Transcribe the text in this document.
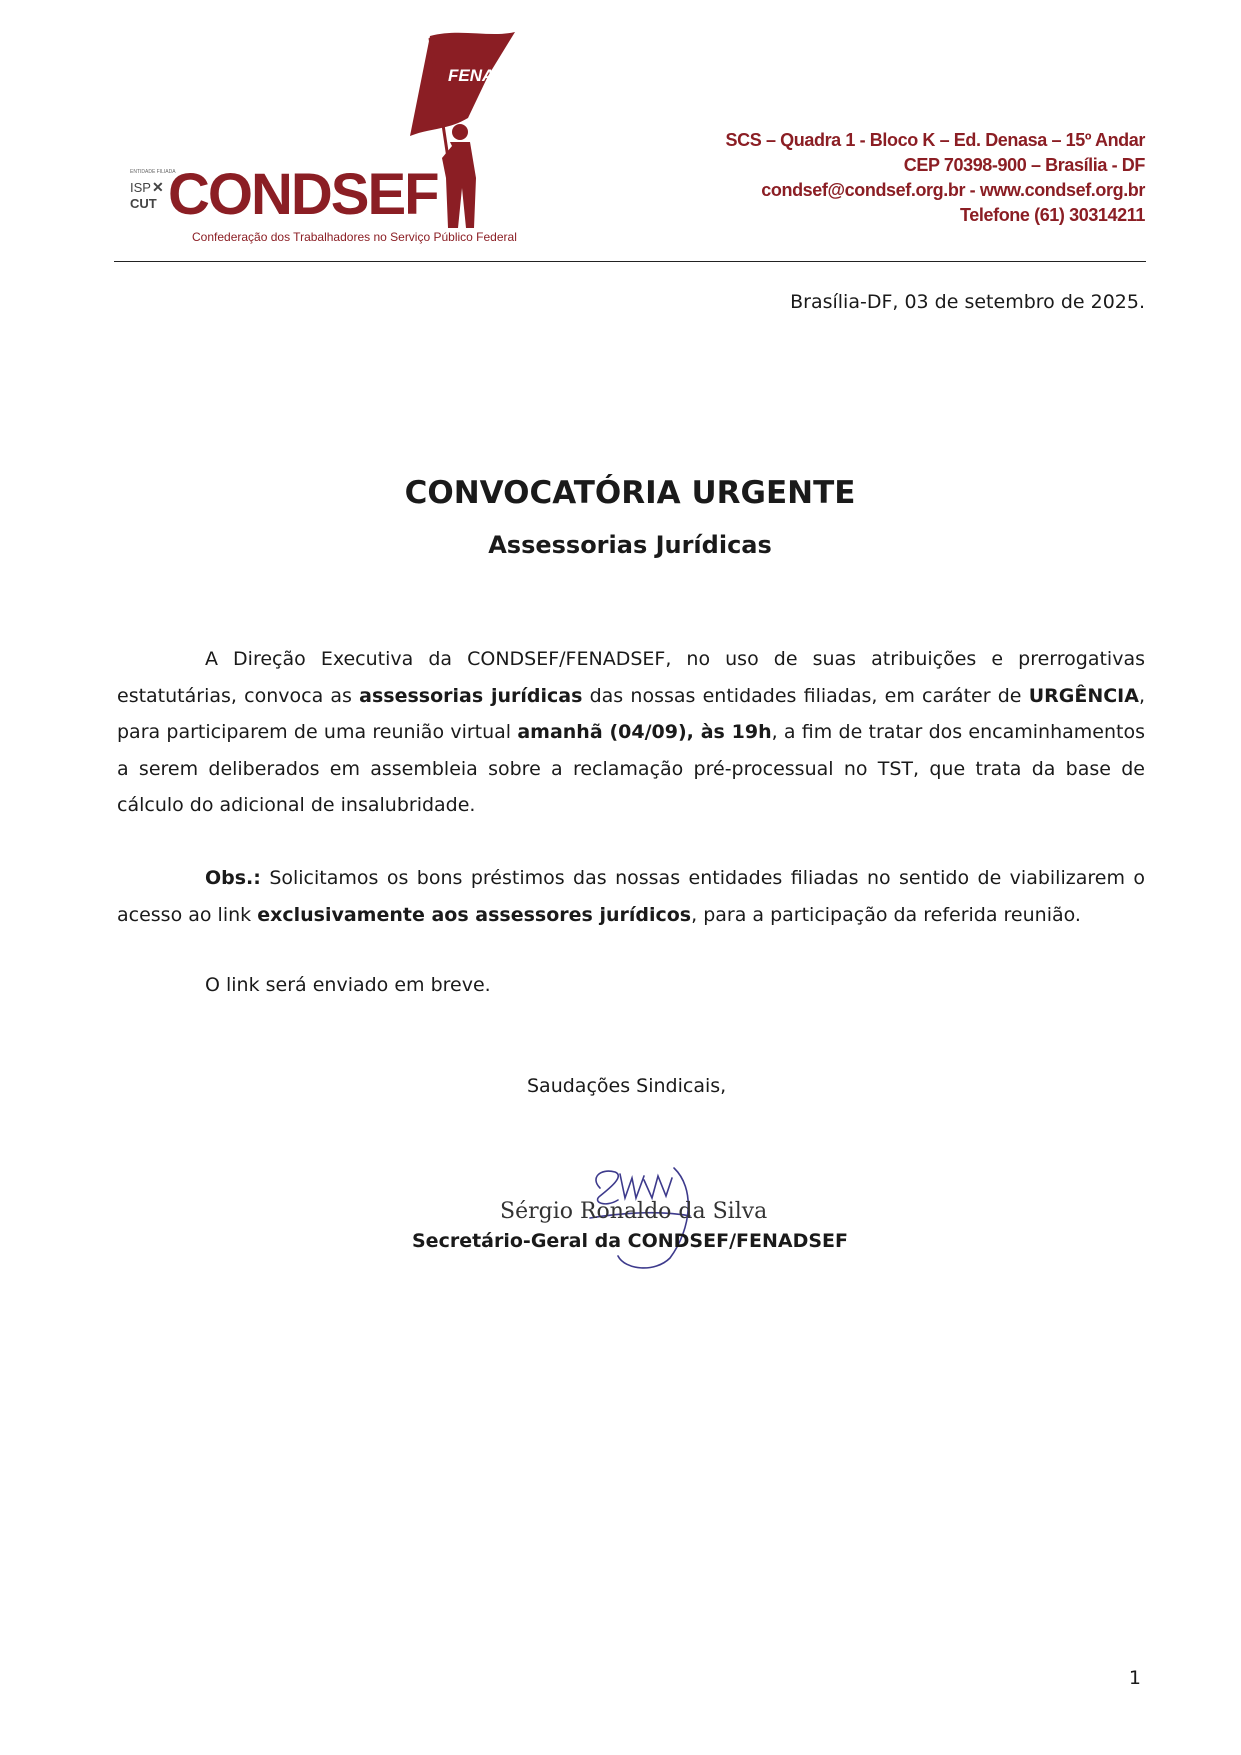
FENADSEF
ENTIDADE FILIADA
ISP ✕
CUT CONDSEF
Confederação dos Trabalhadores no Serviço Público Federal
SCS – Quadra 1 - Bloco K – Ed. Denasa – 15º Andar
CEP 70398-900 – Brasília - DF
condsef@condsef.org.br - www.condsef.org.br
Telefone (61) 30314211
Brasília-DF, 03 de setembro de 2025.
CONVOCATÓRIA URGENTE
Assessorias Jurídicas

A Direção Executiva da CONDSEF/FENADSEF, no uso de suas atribuições e prerrogativas estatutárias, convoca as assessorias jurídicas das nossas entidades filiadas, em caráter de URGÊNCIA, para participarem de uma reunião virtual amanhã (04/09), às 19h, a fim de tratar dos encaminhamentos a serem deliberados em assembleia sobre a reclamação pré-processual no TST, que trata da base de cálculo do adicional de insalubridade.

Obs.: Solicitamos os bons préstimos das nossas entidades filiadas no sentido de viabilizarem o acesso ao link exclusivamente aos assessores jurídicos, para a participação da referida reunião.

O link será enviado em breve.
Saudações Sindicais,
Sérgio Ronaldo da Silva
Secretário-Geral da CONDSEF/FENADSEF
1
